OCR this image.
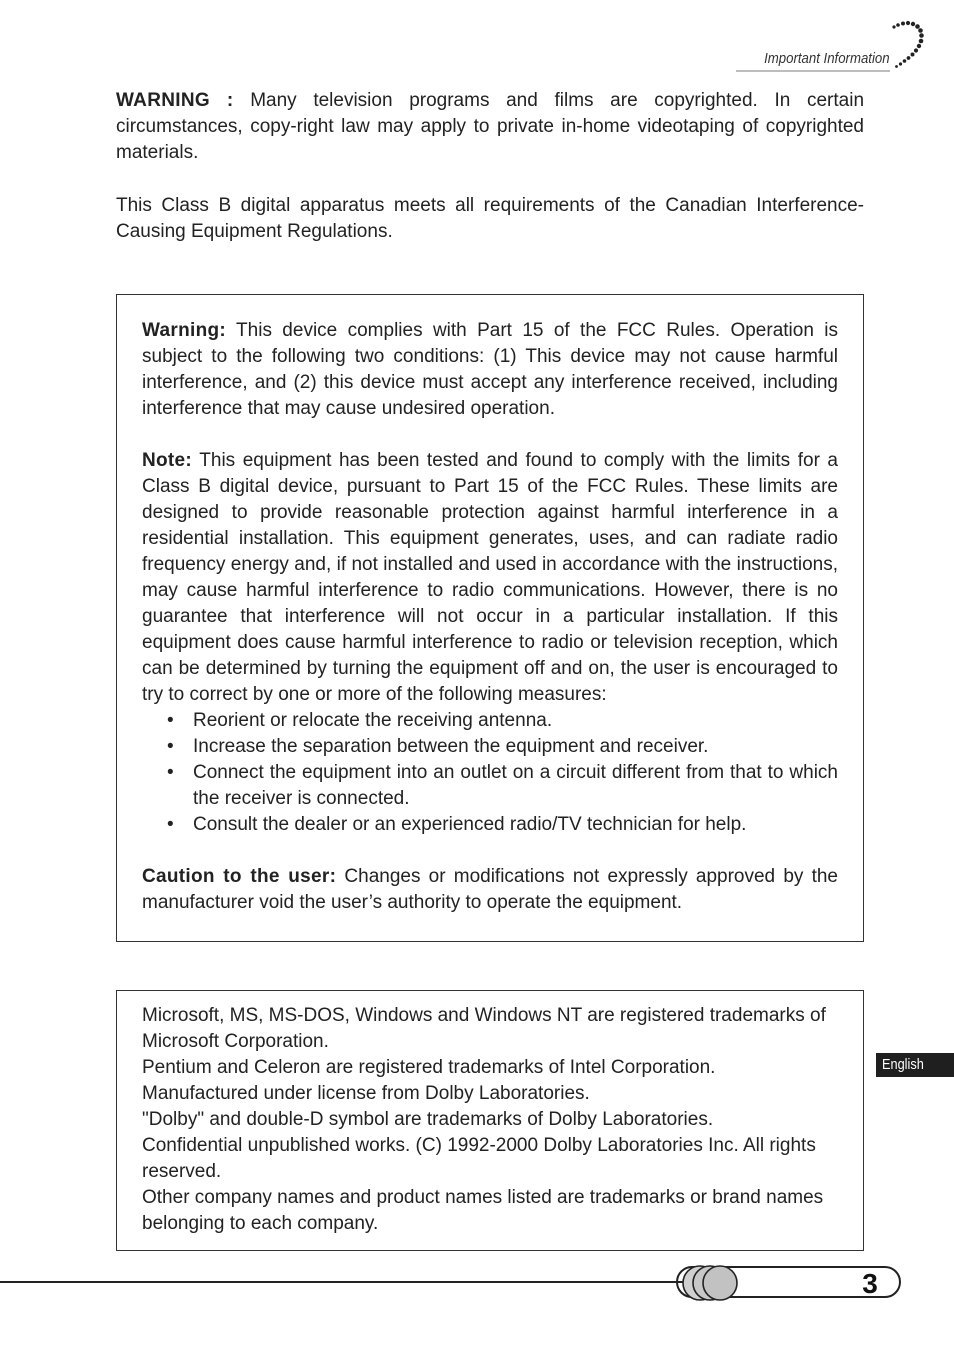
Important Information

WARNING : Many television programs and films are copyrighted. In certain circumstances, copy-right law may apply to private in-home videotaping of copyrighted materials.

This Class B digital apparatus meets all requirements of the Canadian Interference-Causing Equipment Regulations.

Warning: This device complies with Part 15 of the FCC Rules. Operation is subject to the following two conditions: (1) This device may not cause harmful interference, and (2) this device must accept any interference received, including interference that may cause undesired operation.

Note: This equipment has been tested and found to comply with the limits for a Class B digital device, pursuant to Part 15 of the FCC Rules. These limits are designed to provide reasonable protection against harmful interference in a residential installation. This equipment generates, uses, and can radiate radio frequency energy and, if not installed and used in accordance with the instructions, may cause harmful interference to radio communications. However, there is no guarantee that interference will not occur in a particular installation. If this equipment does cause harmful interference to radio or television reception, which can be determined by turning the equipment off and on, the user is encouraged to try to correct by one or more of the following measures:

• Reorient or relocate the receiving antenna.
• Increase the separation between the equipment and receiver.
• Connect the equipment into an outlet on a circuit different from that to which the receiver is connected.
• Consult the dealer or an experienced radio/TV technician for help.

Caution to the user: Changes or modifications not expressly approved by the manufacturer void the user’s authority to operate the equipment.

Microsoft, MS, MS-DOS, Windows and Windows NT are registered trademarks of Microsoft Corporation.

Pentium and Celeron are registered trademarks of Intel Corporation.

Manufactured under license from Dolby Laboratories.

"Dolby" and double-D symbol are trademarks of Dolby Laboratories.

Confidential unpublished works. (C) 1992-2000 Dolby Laboratories Inc. All rights reserved.

Other company names and product names listed are trademarks or brand names belonging to each company.

English
3
